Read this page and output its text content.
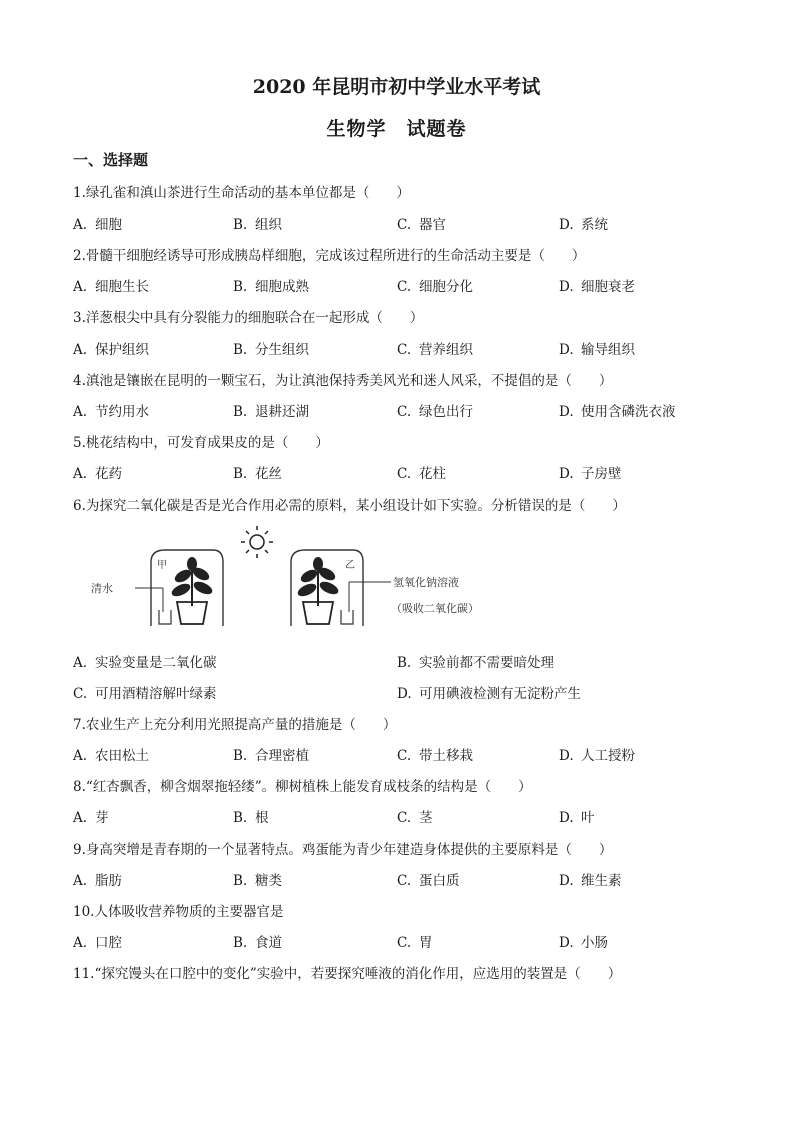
2020 年昆明市初中学业水平考试
生物学　试题卷
一、选择题

1.绿孔雀和滇山茶进行生命活动的基本单位都是（　　）

A. 细胞	B. 组织	C. 器官	D. 系统

2.骨髓干细胞经诱导可形成胰岛样细胞，完成该过程所进行的生命活动主要是（　　）

A. 细胞生长	B. 细胞成熟	C. 细胞分化	D. 细胞衰老

3.洋葱根尖中具有分裂能力的细胞联合在一起形成（　　）

A. 保护组织	B. 分生组织	C. 营养组织	D. 输导组织

4.滇池是镶嵌在昆明的一颗宝石，为让滇池保持秀美风光和迷人风采，不提倡的是（　　）

A. 节约用水	B. 退耕还湖	C. 绿色出行	D. 使用含磷洗衣液

5.桃花结构中，可发育成果皮的是（　　）

A. 花药	B. 花丝	C. 花柱	D. 子房壁

6.为探究二氧化碳是否是光合作用必需的原料，某小组设计如下实验。分析错误的是（　　）

清水
甲	乙
氢氧化钠溶液
（吸收二氧化碳）
A. 实验变量是二氧化碳	B. 实验前都不需要暗处理
C. 可用酒精溶解叶绿素	D. 可用碘液检测有无淀粉产生

7.农业生产上充分利用光照提高产量的措施是（　　）

A. 农田松土	B. 合理密植	C. 带土移栽	D. 人工授粉

8.“红杏飘香，柳含烟翠拖轻缕”。柳树植株上能发育成枝条的结构是（　　）

A. 芽	B. 根	C. 茎	D. 叶

9.身高突增是青春期的一个显著特点。鸡蛋能为青少年建造身体提供的主要原料是（　　）

A. 脂肪	B. 糖类	C. 蛋白质	D. 维生素

10.人体吸收营养物质的主要器官是

A. 口腔	B. 食道	C. 胃	D. 小肠

11.“探究馒头在口腔中的变化”实验中，若要探究唾液的消化作用，应选用的装置是（　　）
